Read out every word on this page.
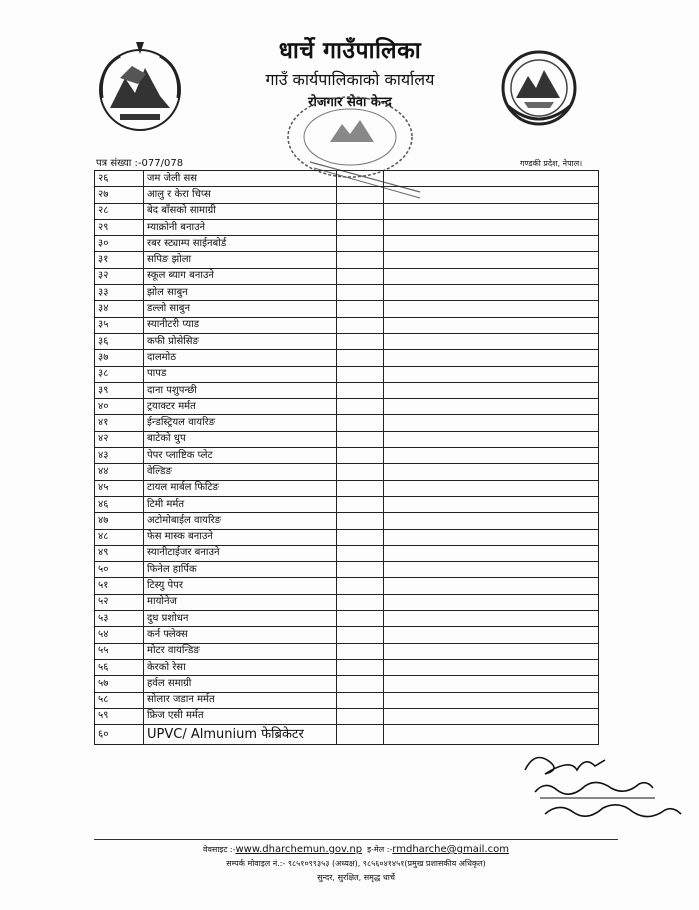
धार्चे गाउँपालिका
गाउँ कार्यपालिकाको कार्यालय
रोजगार सेवा केन्द्र
पत्र संख्या :-077/078	गण्डकी प्रदेश, नेपाल।
२६	जम जेली सस		
२७	आलु र केरा चिप्स		
२८	बेद बाँसको सामाग्री		
२९	म्याक्रोनी बनाउने		
३०	रबर स्ट्याम्प साईनबोर्ड		
३१	सपिङ झोला		
३२	स्कूल ब्याग बनाउने		
३३	झोल साबुन		
३४	डल्लो साबुन		
३५	स्यानीटरी प्याड		
३६	कफी प्रोसेसिङ		
३७	दालमोठ		
३८	पापड		
३९	दाना पशुपन्छी		
४०	ट्रयाक्टर मर्मत		
४१	ईन्डस्ट्रियल वायरिङ		
४२	बाटेको धुप		
४३	पेपर प्लाष्टिक प्लेट		
४४	वेल्डिङ		
४५	टायल मार्बल फिटिङ		
४६	टिमी मर्मत		
४७	अटोमोबाईल वायरिङ		
४८	फेस मास्क बनाउने		
४९	स्यानीटाईजर बनाउने		
५०	फिनेल हार्पिक		
५१	टिस्यु पेपर		
५२	मायोनेज		
५३	दुध प्रशोधन		
५४	कर्न फ्लेक्स		
५५	मोटर वायन्डिङ		
५६	केरको रेसा		
५७	हर्वल समाग्री		
५८	सोलार जडान मर्मत		
५९	फ्रिज एसी मर्मत		
६०	UPVC/ Almunium फेब्रिकेटर		
वेवसाइट :-www.dharchemun.gov.np इ-मेल :-rmdharche@gmail.com
सम्पर्क मोवाइल नं.:- ९८५१०९९३५३ (अध्यक्ष), ९८५६०४१४५१(प्रमुख प्रशासकीय अधिकृत)
सुन्दर, सुरक्षित, समृद्ध धार्चे
